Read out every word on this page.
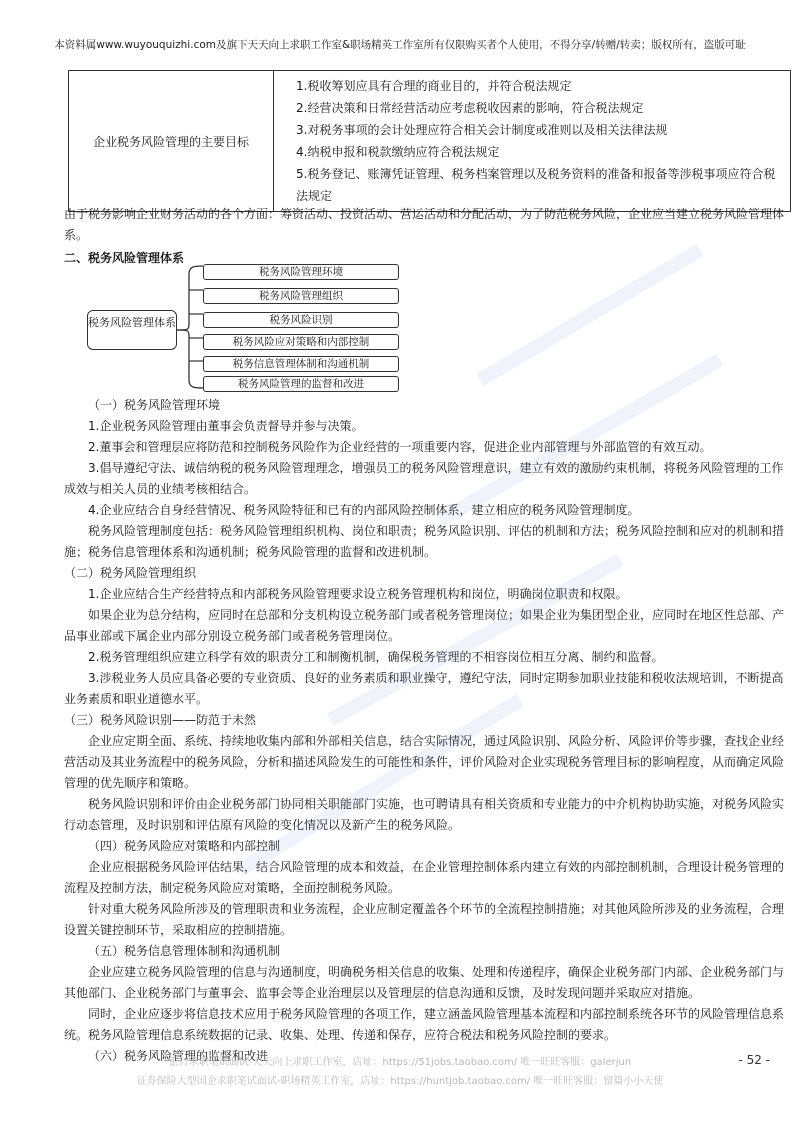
本资料属www.wuyouquizhi.com及旗下天天向上求职工作室&职场精英工作室所有仅限购买者个人使用，不得分享/转赠/转卖；版权所有，盗版可耻
企业税务风险管理的主要目标	
1.税收筹划应具有合理的商业目的，并符合税法规定
2.经营决策和日常经营活动应考虑税收因素的影响，符合税法规定
3.对税务事项的会计处理应符合相关会计制度或准则以及相关法律法规
4.纳税申报和税款缴纳应符合税法规定
5.税务登记、账簿凭证管理、税务档案管理以及税务资料的准备和报备等涉税事项应符合税法规定

由于税务影响企业财务活动的各个方面：筹资活动、投资活动、营运活动和分配活动，为了防范税务风险，企业应当建立税务风险管理体系。

二、税务风险管理体系

税务风险管理体系
税务风险管理环境
税务风险管理组织
税务风险识别
税务风险应对策略和内部控制
税务信息管理体制和沟通机制
税务风险管理的监督和改进

（一）税务风险管理环境

1.企业税务风险管理由董事会负责督导并参与决策。

2.董事会和管理层应将防范和控制税务风险作为企业经营的一项重要内容，促进企业内部管理与外部监管的有效互动。

3.倡导遵纪守法、诚信纳税的税务风险管理理念，增强员工的税务风险管理意识，建立有效的激励约束机制，将税务风险管理的工作成效与相关人员的业绩考核相结合。

4.企业应结合自身经营情况、税务风险特征和已有的内部风险控制体系，建立相应的税务风险管理制度。

税务风险管理制度包括：税务风险管理组织机构、岗位和职责；税务风险识别、评估的机制和方法；税务风险控制和应对的机制和措施；税务信息管理体系和沟通机制；税务风险管理的监督和改进机制。

（二）税务风险管理组织

1.企业应结合生产经营特点和内部税务风险管理要求设立税务管理机构和岗位，明确岗位职责和权限。

如果企业为总分结构，应同时在总部和分支机构设立税务部门或者税务管理岗位；如果企业为集团型企业，应同时在地区性总部、产品事业部或下属企业内部分别设立税务部门或者税务管理岗位。

2.税务管理组织应建立科学有效的职责分工和制衡机制，确保税务管理的不相容岗位相互分离、制约和监督。

3.涉税业务人员应具备必要的专业资质、良好的业务素质和职业操守，遵纪守法，同时定期参加职业技能和税收法规培训，不断提高业务素质和职业道德水平。

（三）税务风险识别——防范于未然

企业应定期全面、系统、持续地收集内部和外部相关信息，结合实际情况，通过风险识别、风险分析、风险评价等步骤，查找企业经营活动及其业务流程中的税务风险，分析和描述风险发生的可能性和条件，评价风险对企业实现税务管理目标的影响程度，从而确定风险管理的优先顺序和策略。

税务风险识别和评价由企业税务部门协同相关职能部门实施，也可聘请具有相关资质和专业能力的中介机构协助实施，对税务风险实行动态管理，及时识别和评估原有风险的变化情况以及新产生的税务风险。

（四）税务风险应对策略和内部控制

企业应根据税务风险评估结果，结合风险管理的成本和效益，在企业管理控制体系内建立有效的内部控制机制，合理设计税务管理的流程及控制方法，制定税务风险应对策略，全面控制税务风险。

针对重大税务风险所涉及的管理职责和业务流程，企业应制定覆盖各个环节的全流程控制措施；对其他风险所涉及的业务流程，合理设置关键控制环节，采取相应的控制措施。

（五）税务信息管理体制和沟通机制

企业应建立税务风险管理的信息与沟通制度，明确税务相关信息的收集、处理和传递程序，确保企业税务部门内部、企业税务部门与其他部门、企业税务部门与董事会、监事会等企业治理层以及管理层的信息沟通和反馈，及时发现问题并采取应对措施。

同时，企业应逐步将信息技术应用于税务风险管理的各项工作，建立涵盖风险管理基本流程和内部控制系统各环节的风险管理信息系统。税务风险管理信息系统数据的记录、收集、处理、传递和保存，应符合税法和税务风险控制的要求。

（六）税务风险管理的监督和改进

银行求职笔试面试-天天向上求职工作室，店址：https://51jobs.taobao.com/ 唯一旺旺客服：galerjun
证券保险大型国企求职笔试面试-职场精英工作室，店址：https://huntjob.taobao.com/ 唯一旺旺客服：留篇小小天使
- 52 -
